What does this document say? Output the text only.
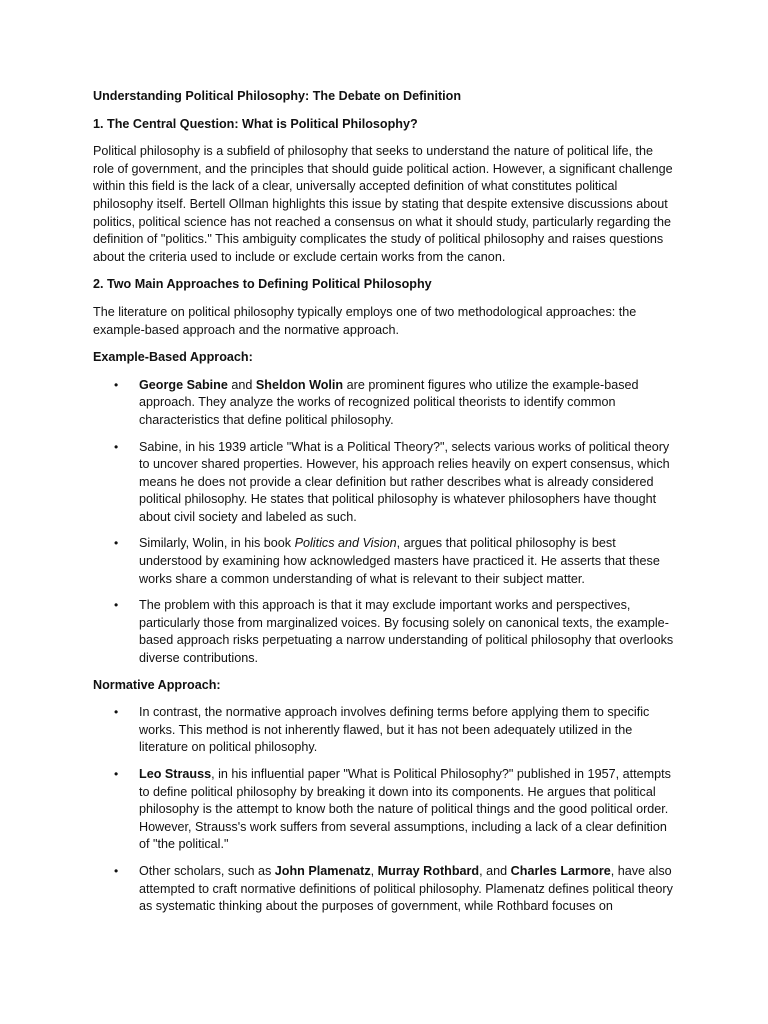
Understanding Political Philosophy: The Debate on Definition

1. The Central Question: What is Political Philosophy?

Political philosophy is a subfield of philosophy that seeks to understand the nature of political life, the role of government, and the principles that should guide political action. However, a significant challenge within this field is the lack of a clear, universally accepted definition of what constitutes political philosophy itself. Bertell Ollman highlights this issue by stating that despite extensive discussions about politics, political science has not reached a consensus on what it should study, particularly regarding the definition of "politics." This ambiguity complicates the study of political philosophy and raises questions about the criteria used to include or exclude certain works from the canon.

2. Two Main Approaches to Defining Political Philosophy

The literature on political philosophy typically employs one of two methodological approaches: the example-based approach and the normative approach.

Example-Based Approach:

• George Sabine and Sheldon Wolin are prominent figures who utilize the example-based approach. They analyze the works of recognized political theorists to identify common characteristics that define political philosophy.
• Sabine, in his 1939 article "What is a Political Theory?", selects various works of political theory to uncover shared properties. However, his approach relies heavily on expert consensus, which means he does not provide a clear definition but rather describes what is already considered political philosophy. He states that political philosophy is whatever philosophers have thought about civil society and labeled as such.
• Similarly, Wolin, in his book Politics and Vision, argues that political philosophy is best understood by examining how acknowledged masters have practiced it. He asserts that these works share a common understanding of what is relevant to their subject matter.
• The problem with this approach is that it may exclude important works and perspectives, particularly those from marginalized voices. By focusing solely on canonical texts, the example-based approach risks perpetuating a narrow understanding of political philosophy that overlooks diverse contributions.

Normative Approach:

• In contrast, the normative approach involves defining terms before applying them to specific works. This method is not inherently flawed, but it has not been adequately utilized in the literature on political philosophy.
• Leo Strauss, in his influential paper "What is Political Philosophy?" published in 1957, attempts to define political philosophy by breaking it down into its components. He argues that political philosophy is the attempt to know both the nature of political things and the good political order. However, Strauss's work suffers from several assumptions, including a lack of a clear definition of "the political."
• Other scholars, such as John Plamenatz, Murray Rothbard, and Charles Larmore, have also attempted to craft normative definitions of political philosophy. Plamenatz defines political theory as systematic thinking about the purposes of government, while Rothbard focuses on
